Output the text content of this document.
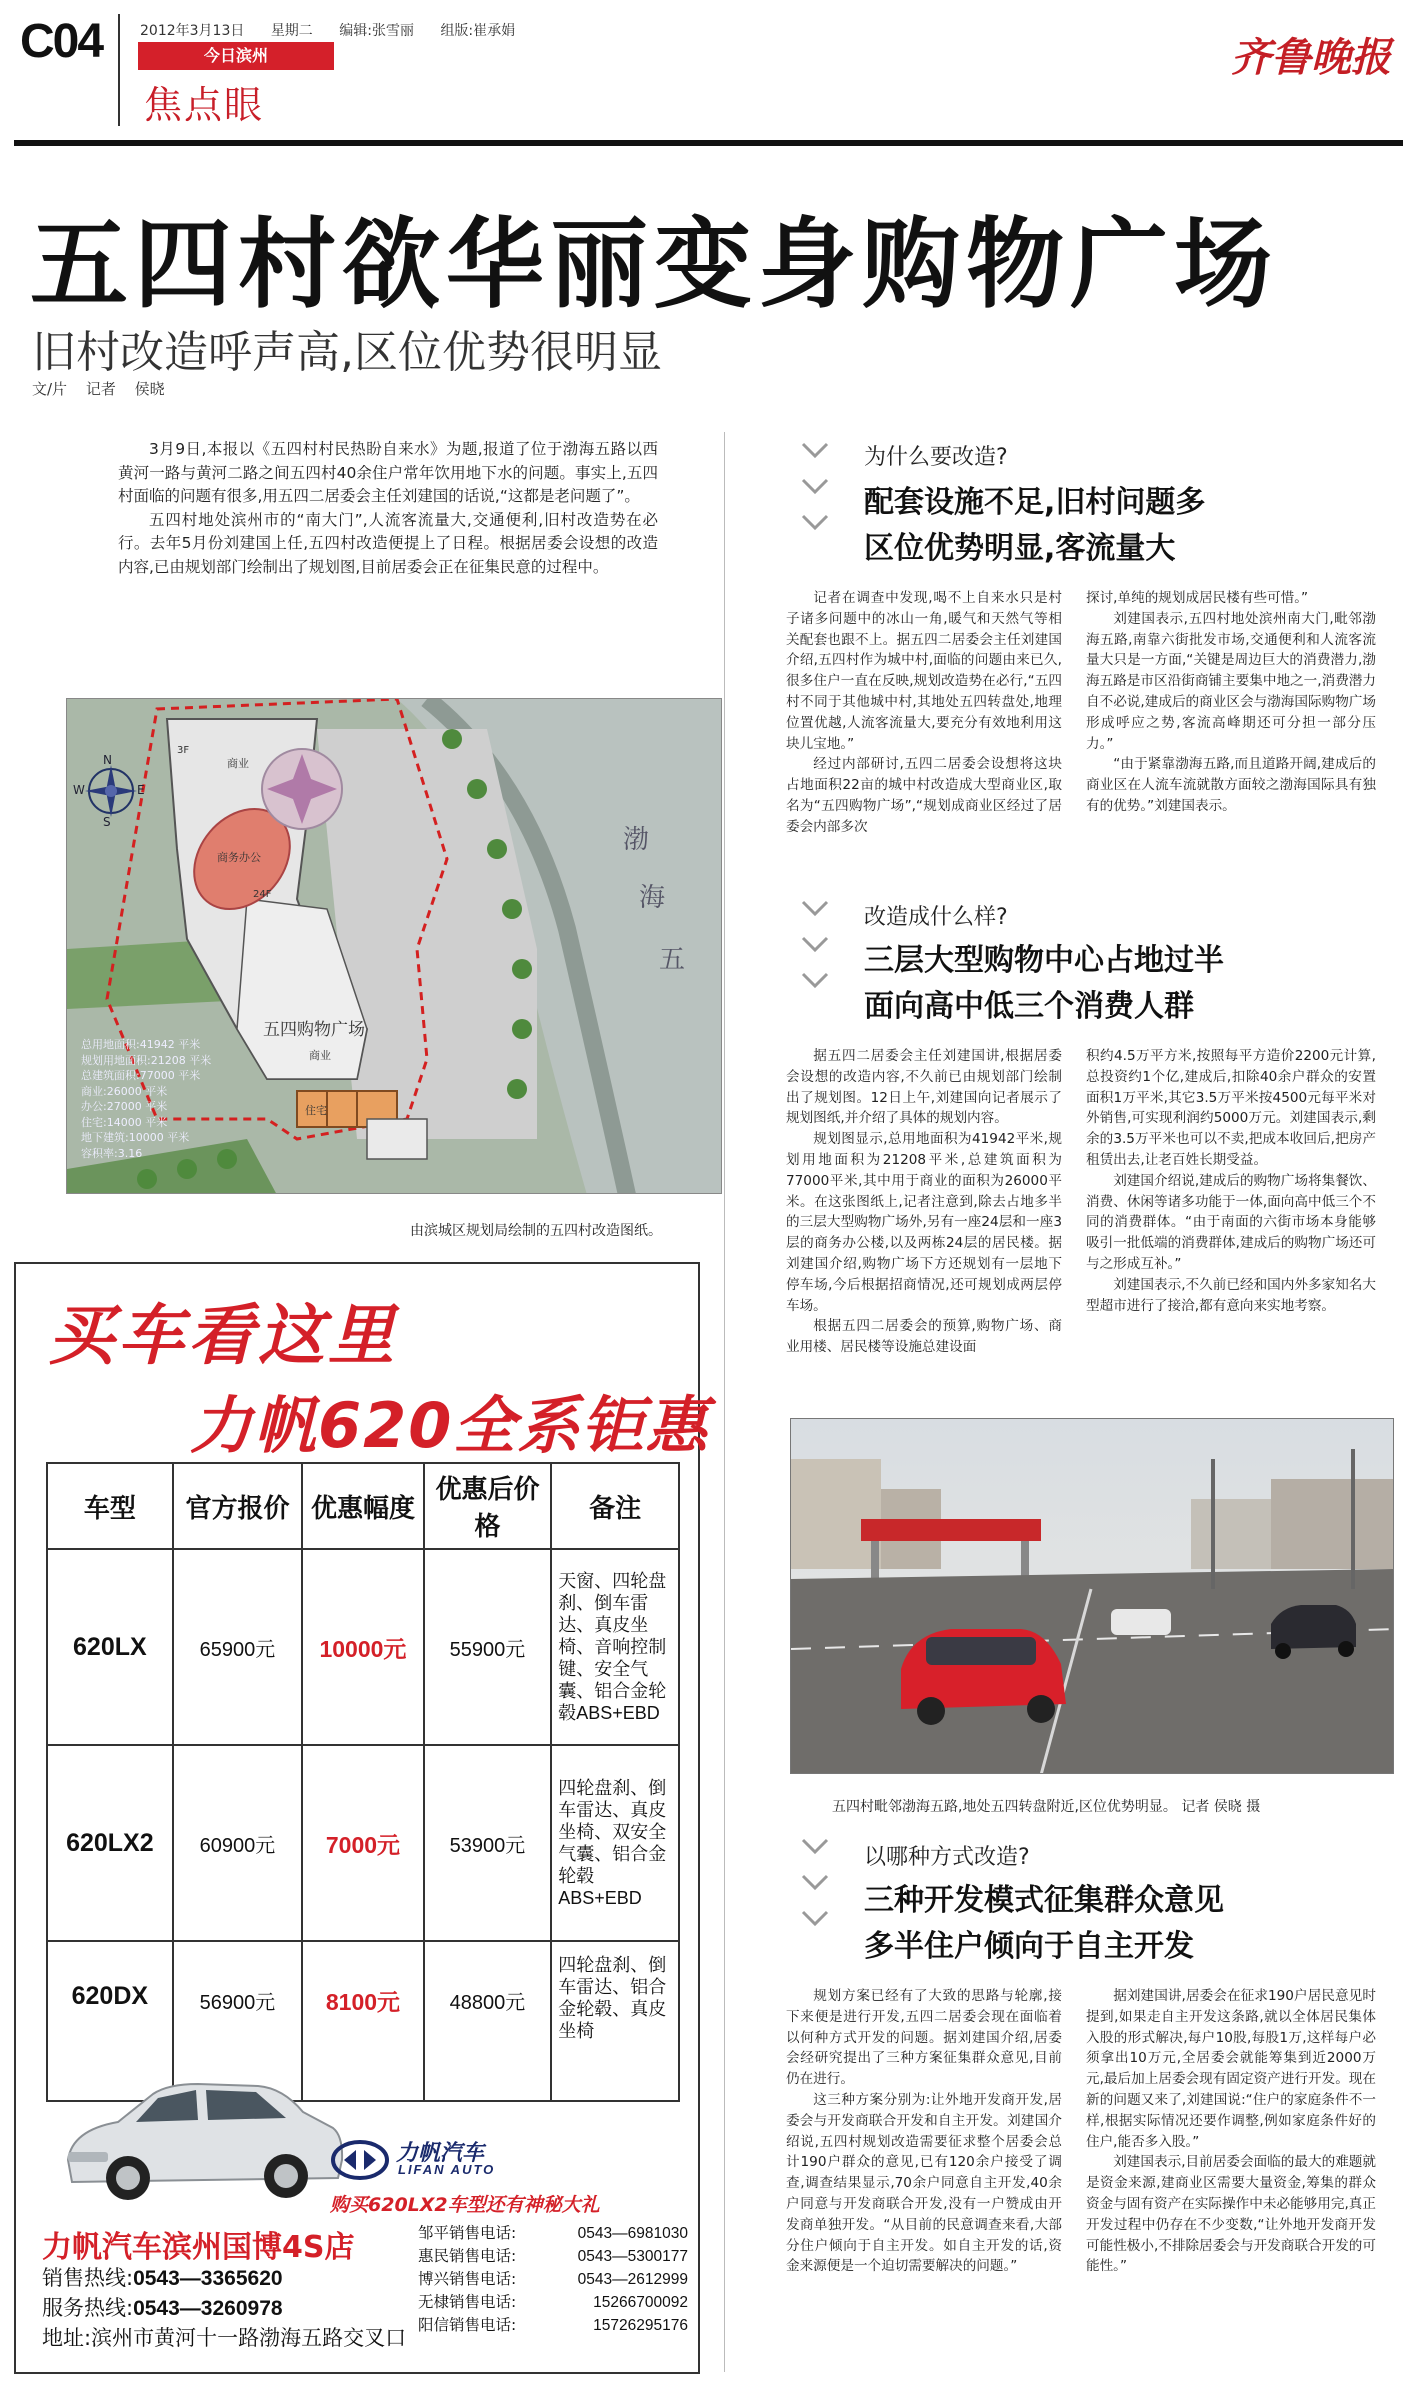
C04	2012年3月13日 星期二 编辑:张雪丽 组版:崔承娟
今日滨州
焦点眼
齐鲁晚报
五四村欲华丽变身购物广场
旧村改造呼声高,区位优势很明显
文/片 记者 侯晓

3月9日,本报以《五四村村民热盼自来水》为题,报道了位于渤海五路以西黄河一路与黄河二路之间五四村40余住户常年饮用地下水的问题。事实上,五四村面临的问题有很多,用五四二居委会主任刘建国的话说,“这都是老问题了”。

五四村地处滨州市的“南大门”,人流客流量大,交通便利,旧村改造势在必行。去年5月份刘建国上任,五四村改造便提上了日程。根据居委会设想的改造内容,已由规划部门绘制出了规划图,目前居委会正在征集民意的过程中。

N
S
W	E
五四购物广场
商务办公
24F
商业
3F
商业
住宅
渤
海
五
总用地面积:41942 平米
规划用地面积:21208 平米
总建筑面积:77000 平米
商业:26000 平米
办公:27000 平米
住宅:14000 平米
地下建筑:10000 平米
容积率:3.16
由滨城区规划局绘制的五四村改造图纸。
为什么要改造?
配套设施不足,旧村问题多
区位优势明显,客流量大

记者在调查中发现,喝不上自来水只是村子诸多问题中的冰山一角,暖气和天然气等相关配套也跟不上。据五四二居委会主任刘建国介绍,五四村作为城中村,面临的问题由来已久,很多住户一直在反映,规划改造势在必行,“五四村不同于其他城中村,其地处五四转盘处,地理位置优越,人流客流量大,要充分有效地利用这块儿宝地。”

经过内部研讨,五四二居委会设想将这块占地面积22亩的城中村改造成大型商业区,取名为“五四购物广场”,“规划成商业区经过了居委会内部多次

探讨,单纯的规划成居民楼有些可惜。”

刘建国表示,五四村地处滨州南大门,毗邻渤海五路,南靠六街批发市场,交通便利和人流客流量大只是一方面,“关键是周边巨大的消费潜力,渤海五路是市区沿街商铺主要集中地之一,消费潜力自不必说,建成后的商业区会与渤海国际购物广场形成呼应之势,客流高峰期还可分担一部分压力。”

“由于紧靠渤海五路,而且道路开阔,建成后的商业区在人流车流就散方面较之渤海国际具有独有的优势。”刘建国表示。

改造成什么样?
三层大型购物中心占地过半
面向高中低三个消费人群

据五四二居委会主任刘建国讲,根据居委会设想的改造内容,不久前已由规划部门绘制出了规划图。12日上午,刘建国向记者展示了规划图纸,并介绍了具体的规划内容。

规划图显示,总用地面积为41942平米,规划用地面积为21208平米,总建筑面积为77000平米,其中用于商业的面积为26000平米。在这张图纸上,记者注意到,除去占地多半的三层大型购物广场外,另有一座24层和一座3层的商务办公楼,以及两栋24层的居民楼。据刘建国介绍,购物广场下方还规划有一层地下停车场,今后根据招商情况,还可规划成两层停车场。

根据五四二居委会的预算,购物广场、商业用楼、居民楼等设施总建设面

积约4.5万平方米,按照每平方造价2200元计算,总投资约1个亿,建成后,扣除40余户群众的安置面积1万平米,其它3.5万平米按4500元每平米对外销售,可实现利润约5000万元。刘建国表示,剩余的3.5万平米也可以不卖,把成本收回后,把房产租赁出去,让老百姓长期受益。

刘建国介绍说,建成后的购物广场将集餐饮、消费、休闲等诸多功能于一体,面向高中低三个不同的消费群体。“由于南面的六街市场本身能够吸引一批低端的消费群体,建成后的购物广场还可与之形成互补。”

刘建国表示,不久前已经和国内外多家知名大型超市进行了接洽,都有意向来实地考察。

五四村毗邻渤海五路,地处五四转盘附近,区位优势明显。 记者 侯晓 摄
以哪种方式改造?
三种开发模式征集群众意见
多半住户倾向于自主开发

规划方案已经有了大致的思路与轮廓,接下来便是进行开发,五四二居委会现在面临着以何种方式开发的问题。据刘建国介绍,居委会经研究提出了三种方案征集群众意见,目前仍在进行。

这三种方案分别为:让外地开发商开发,居委会与开发商联合开发和自主开发。刘建国介绍说,五四村规划改造需要征求整个居委会总计190户群众的意见,已有120余户接受了调查,调查结果显示,70余户同意自主开发,40余户同意与开发商联合开发,没有一户赞成由开发商单独开发。“从目前的民意调查来看,大部分住户倾向于自主开发。如自主开发的话,资金来源便是一个迫切需要解决的问题。”

据刘建国讲,居委会在征求190户居民意见时提到,如果走自主开发这条路,就以全体居民集体入股的形式解决,每户10股,每股1万,这样每户必须拿出10万元,全居委会就能筹集到近2000万元,最后加上居委会现有固定资产进行开发。现在新的问题又来了,刘建国说:“住户的家庭条件不一样,根据实际情况还要作调整,例如家庭条件好的住户,能否多入股。”

刘建国表示,目前居委会面临的最大的难题就是资金来源,建商业区需要大量资金,筹集的群众资金与固有资产在实际操作中未必能够用完,真正开发过程中仍存在不少变数,“让外地开发商开发可能性极小,不排除居委会与开发商联合开发的可能性。”

买车看这里
力帆620全系钜惠
车型	官方报价	优惠幅度	优惠后价格	备注
620LX	65900元	10000元	55900元	天窗、四轮盘刹、倒车雷达、真皮坐椅、音响控制键、安全气囊、铝合金轮毂ABS+EBD
620LX2	60900元	7000元	53900元	四轮盘刹、倒车雷达、真皮坐椅、双安全气囊、铝合金轮毂ABS+EBD
620DX	56900元	8100元	48800元	四轮盘刹、倒车雷达、铝合金轮毂、真皮坐椅
力帆汽车
LIFAN AUTO
购买620LX2车型还有神秘大礼
力帆汽车滨州国博4S店
销售热线:0543—3365620
服务热线:0543—3260978
地址:滨州市黄河十一路渤海五路交叉口
邹平销售电话:	0543—6981030
惠民销售电话:	0543—5300177
博兴销售电话:	0543—2612999
无棣销售电话:	15266700092
阳信销售电话:	15726295176
